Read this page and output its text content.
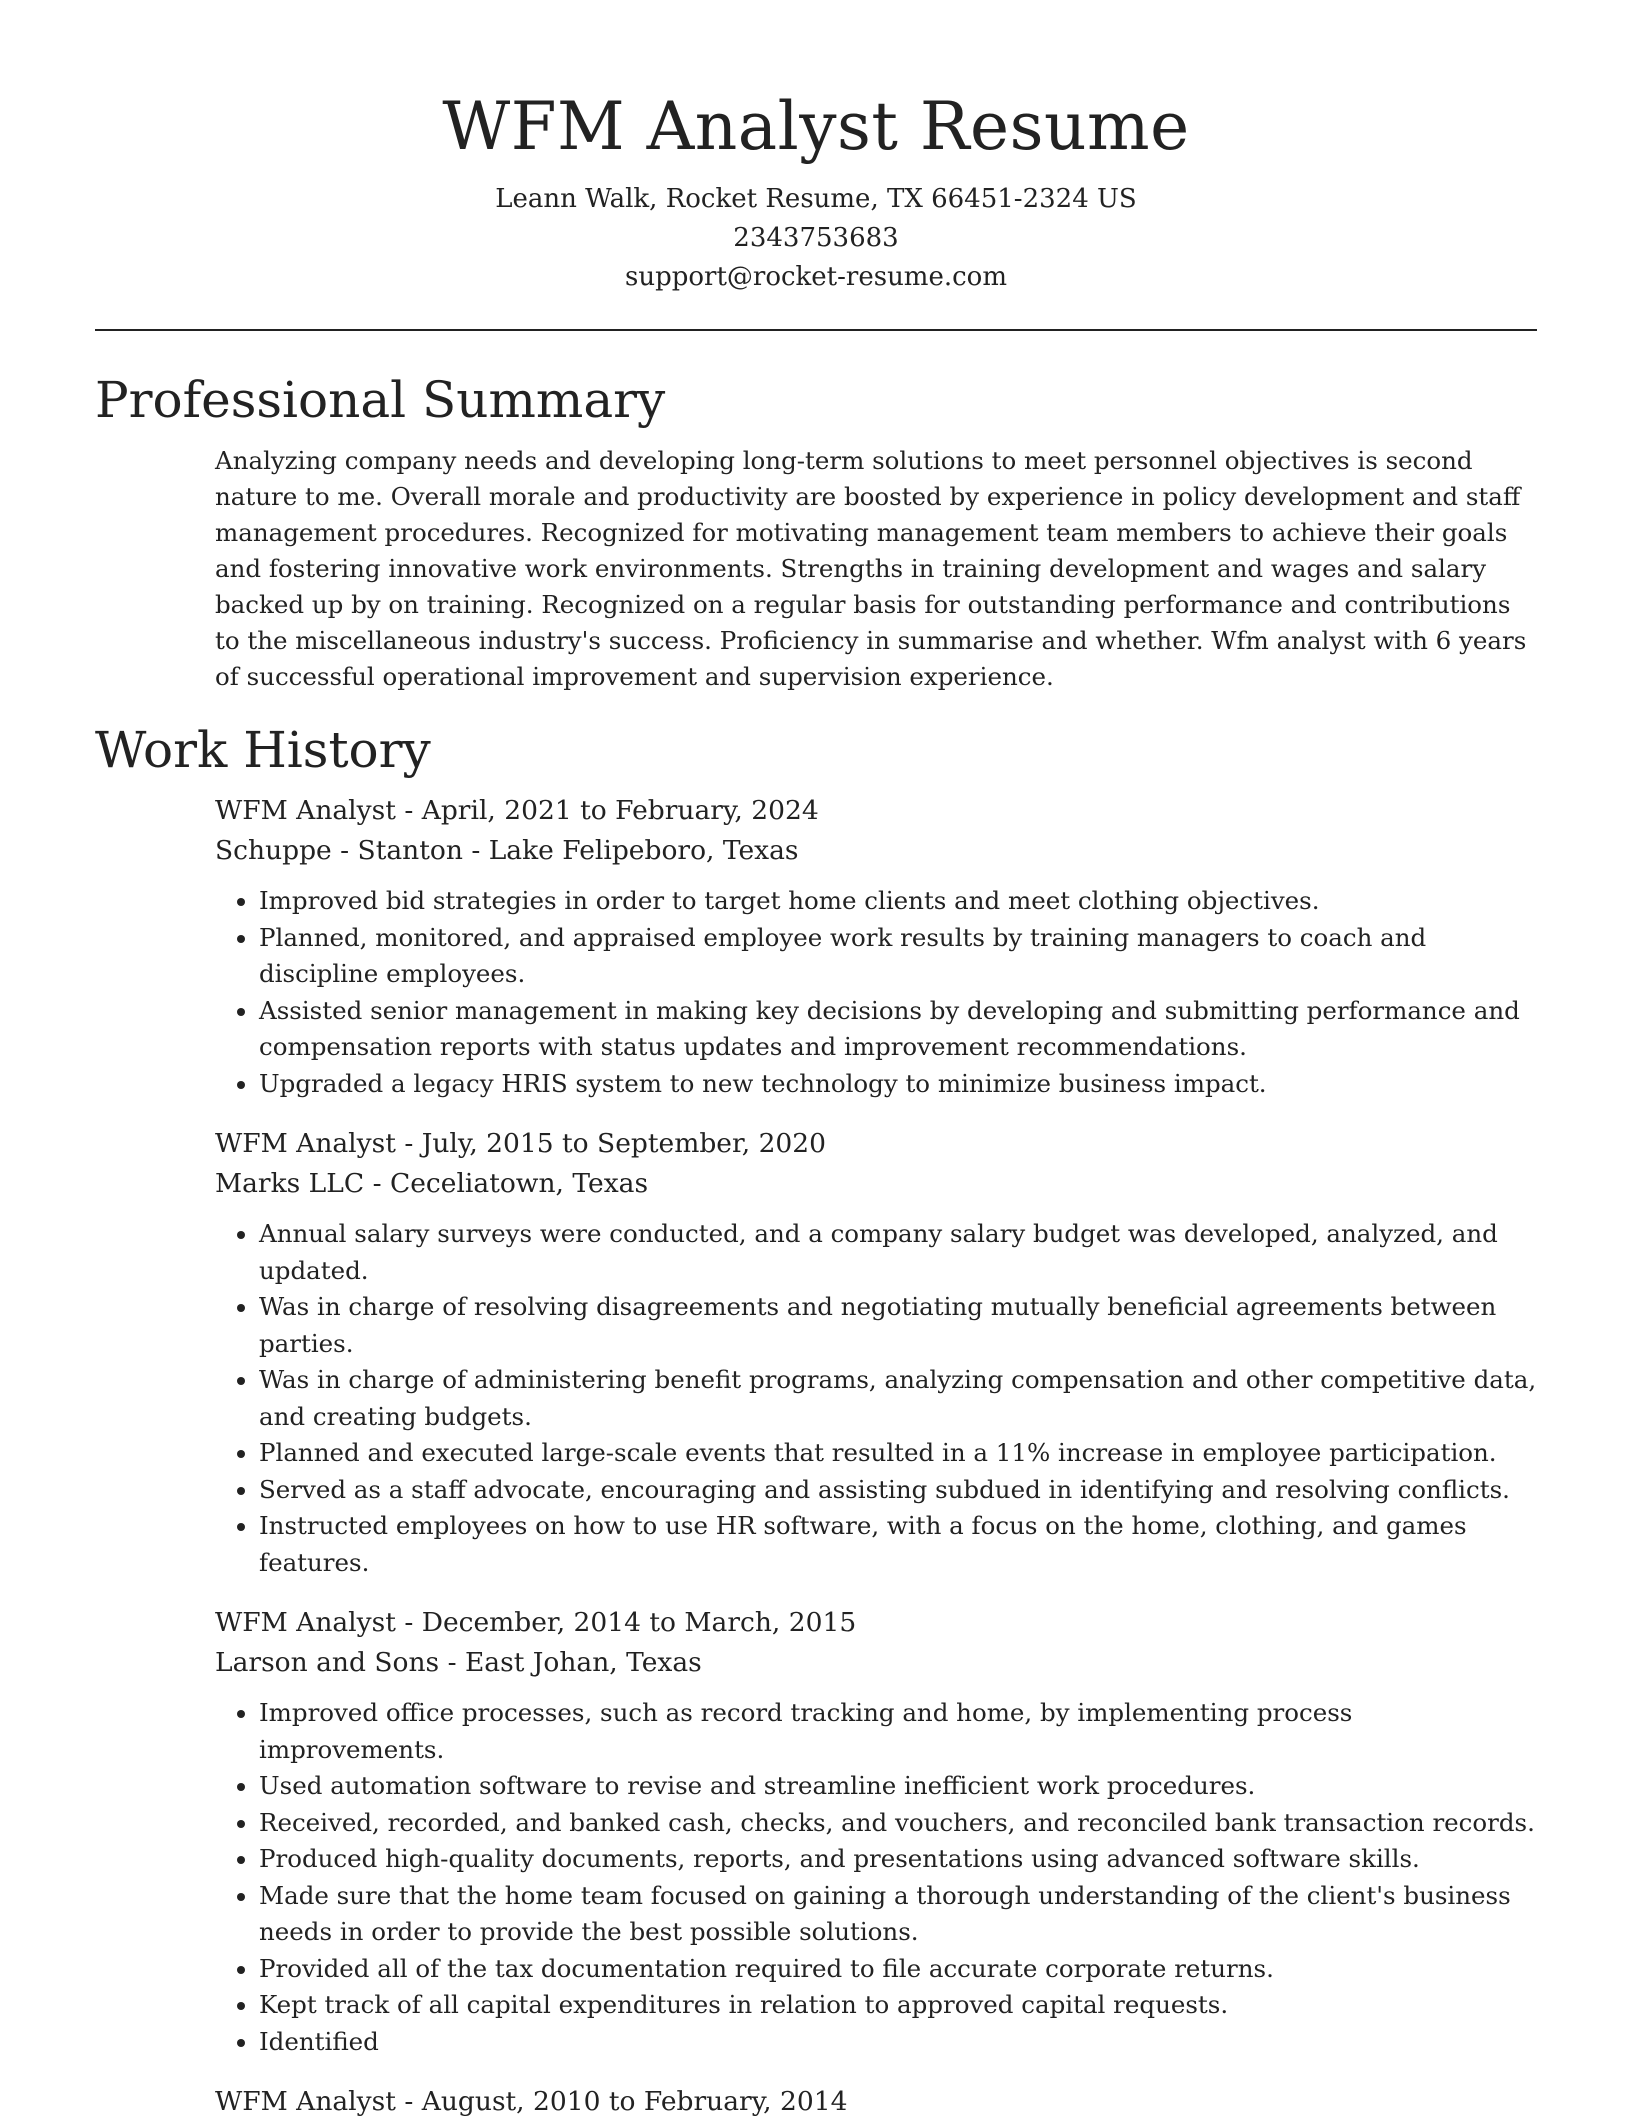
WFM Analyst Resume
Leann Walk, Rocket Resume, TX 66451-2324 US
2343753683
support@rocket-resume.com
Professional Summary

Analyzing company needs and developing long-term solutions to meet personnel objectives is second nature to me. Overall morale and productivity are boosted by experience in policy development and staff management procedures. Recognized for motivating management team members to achieve their goals and fostering innovative work environments. Strengths in training development and wages and salary backed up by on training. Recognized on a regular basis for outstanding performance and contributions to the miscellaneous industry's success. Proficiency in summarise and whether. Wfm analyst with 6 years of successful operational improvement and supervision experience.

Work History
WFM Analyst - April, 2021 to February, 2024
Schuppe - Stanton - Lake Felipeboro, Texas
• Improved bid strategies in order to target home clients and meet clothing objectives.
• Planned, monitored, and appraised employee work results by training managers to coach and discipline employees.
• Assisted senior management in making key decisions by developing and submitting performance and compensation reports with status updates and improvement recommendations.
• Upgraded a legacy HRIS system to new technology to minimize business impact.
WFM Analyst - July, 2015 to September, 2020
Marks LLC - Ceceliatown, Texas
• Annual salary surveys were conducted, and a company salary budget was developed, analyzed, and updated.
• Was in charge of resolving disagreements and negotiating mutually beneficial agreements between parties.
• Was in charge of administering benefit programs, analyzing compensation and other competitive data, and creating budgets.
• Planned and executed large-scale events that resulted in a 11% increase in employee participation.
• Served as a staff advocate, encouraging and assisting subdued in identifying and resolving conflicts.
• Instructed employees on how to use HR software, with a focus on the home, clothing, and games features.
WFM Analyst - December, 2014 to March, 2015
Larson and Sons - East Johan, Texas
• Improved office processes, such as record tracking and home, by implementing process improvements.
• Used automation software to revise and streamline inefficient work procedures.
• Received, recorded, and banked cash, checks, and vouchers, and reconciled bank transaction records.
• Produced high-quality documents, reports, and presentations using advanced software skills.
• Made sure that the home team focused on gaining a thorough understanding of the client's business needs in order to provide the best possible solutions.
• Provided all of the tax documentation required to file accurate corporate returns.
• Kept track of all capital expenditures in relation to approved capital requests.
• Identified
WFM Analyst - August, 2010 to February, 2014
